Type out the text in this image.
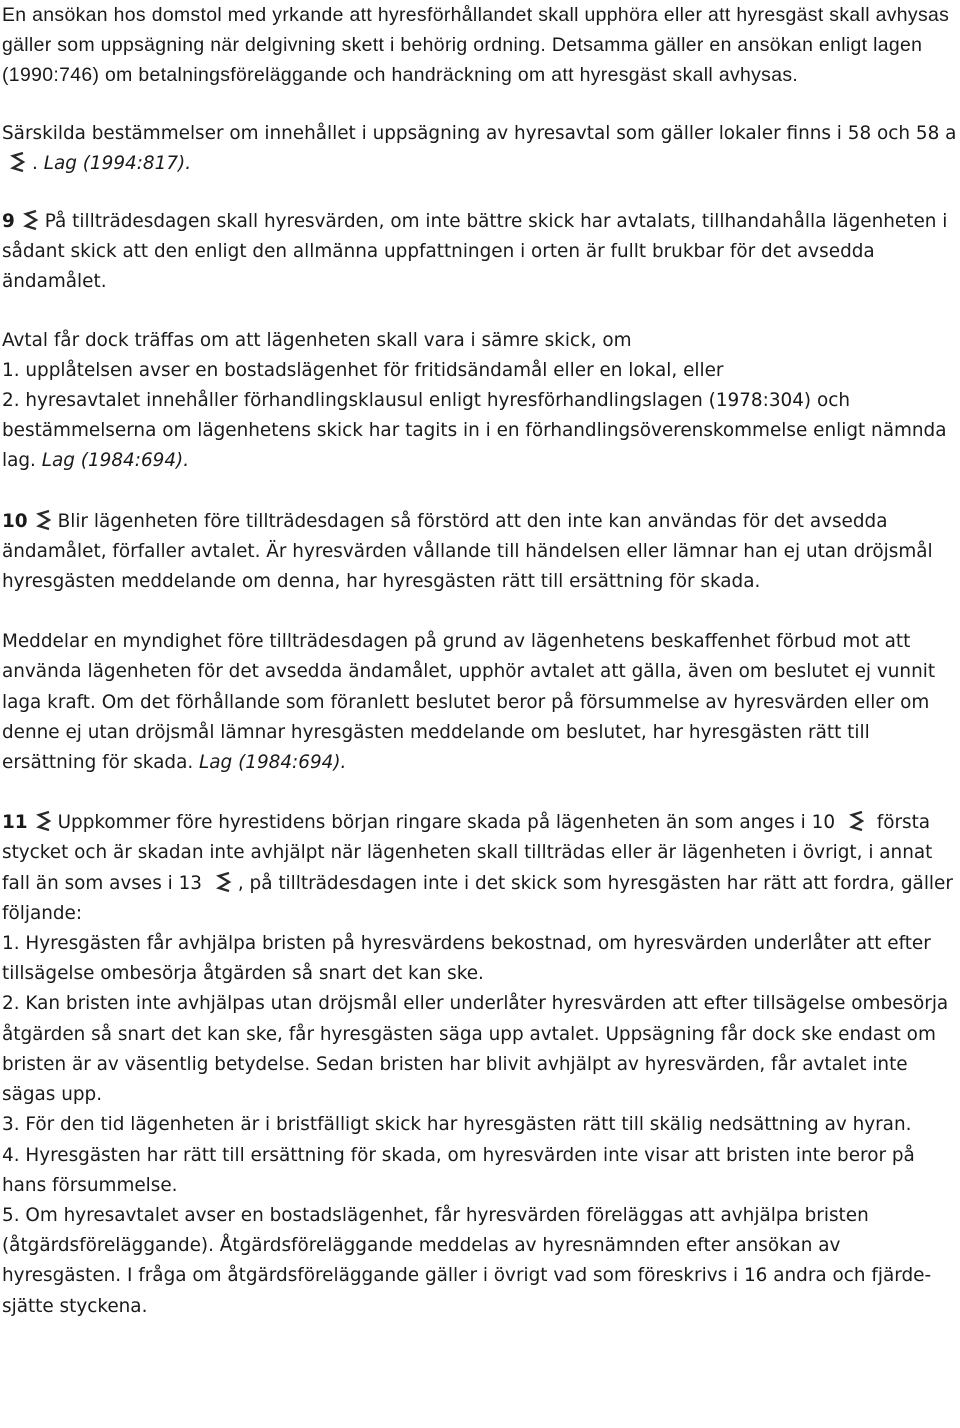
En ansökan hos domstol med yrkande att hyresförhållandet skall upphöra eller att hyresgäst skall avhysas gäller som uppsägning när delgivning skett i behörig ordning. Detsamma gäller en ansökan enligt lagen (1990:746) om betalningsföreläggande och handräckning om att hyresgäst skall avhysas.

Särskilda bestämmelser om innehållet i uppsägning av hyresavtal som gäller lokaler finns i 58 och 58 a
. Lag (1994:817).

9 På tillträdesdagen skall hyresvärden, om inte bättre skick har avtalats, tillhandahålla lägenheten i sådant skick att den enligt den allmänna uppfattningen i orten är fullt brukbar för det avsedda ändamålet.

Avtal får dock träffas om att lägenheten skall vara i sämre skick, om

1. upplåtelsen avser en bostadslägenhet för fritidsändamål eller en lokal, eller

2. hyresavtalet innehåller förhandlingsklausul enligt hyresförhandlingslagen (1978:304) och bestämmelserna om lägenhetens skick har tagits in i en förhandlingsöverenskommelse enligt nämnda lag. Lag (1984:694).

10 Blir lägenheten före tillträdesdagen så förstörd att den inte kan användas för det avsedda ändamålet, förfaller avtalet. Är hyresvärden vållande till händelsen eller lämnar han ej utan dröjsmål hyresgästen meddelande om denna, har hyresgästen rätt till ersättning för skada.

Meddelar en myndighet före tillträdesdagen på grund av lägenhetens beskaffenhet förbud mot att använda lägenheten för det avsedda ändamålet, upphör avtalet att gälla, även om beslutet ej vunnit laga kraft. Om det förhållande som föranlett beslutet beror på försummelse av hyresvärden eller om denne ej utan dröjsmål lämnar hyresgästen meddelande om beslutet, har hyresgästen rätt till ersättning för skada. Lag (1984:694).

11 Uppkommer före hyrestidens början ringare skada på lägenheten än som anges i 10
första stycket och är skadan inte avhjälpt när lägenheten skall tillträdas eller är lägenheten i övrigt, i annat fall än som avses i 13
, på tillträdesdagen inte i det skick som hyresgästen har rätt att fordra, gäller följande:

1. Hyresgästen får avhjälpa bristen på hyresvärdens bekostnad, om hyresvärden underlåter att efter tillsägelse ombesörja åtgärden så snart det kan ske.

2. Kan bristen inte avhjälpas utan dröjsmål eller underlåter hyresvärden att efter tillsägelse ombesörja åtgärden så snart det kan ske, får hyresgästen säga upp avtalet. Uppsägning får dock ske endast om bristen är av väsentlig betydelse. Sedan bristen har blivit avhjälpt av hyresvärden, får avtalet inte sägas upp.

3. För den tid lägenheten är i bristfälligt skick har hyresgästen rätt till skälig nedsättning av hyran.

4. Hyresgästen har rätt till ersättning för skada, om hyresvärden inte visar att bristen inte beror på hans försummelse.

5. Om hyresavtalet avser en bostadslägenhet, får hyresvärden föreläggas att avhjälpa bristen (åtgärdsföreläggande). Åtgärdsföreläggande meddelas av hyresnämnden efter ansökan av hyresgästen. I fråga om åtgärdsföreläggande gäller i övrigt vad som föreskrivs i 16 andra och fjärde-sjätte styckena.
